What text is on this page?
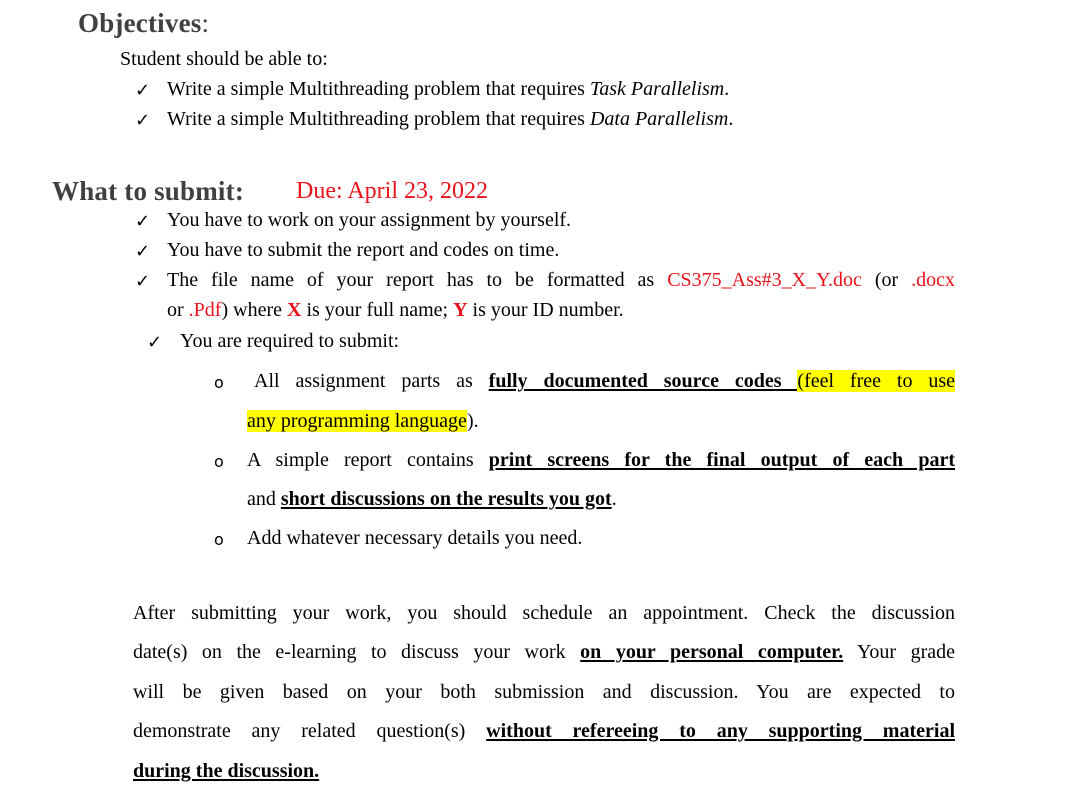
Objectives:
Student should be able to:
✓ Write a simple Multithreading problem that requires Task Parallelism.
✓ Write a simple Multithreading problem that requires Data Parallelism.
What to submit: Due: April 23, 2022
✓ You have to work on your assignment by yourself.
✓ You have to submit the report and codes on time.
✓ The file name of your report has to be formatted as CS375_Ass#3_X_Y.doc (or .docx
or .Pdf) where X is your full name; Y is your ID number.
✓ You are required to submit:
o All assignment parts as fully documented source codes (feel free to use
any programming language).
o A simple report contains print screens for the final output of each part
and short discussions on the results you got.
o Add whatever necessary details you need.
After submitting your work, you should schedule an appointment. Check the discussion
date(s) on the e-learning to discuss your work on your personal computer. Your grade
will be given based on your both submission and discussion. You are expected to
demonstrate any related question(s) without refereeing to any supporting material
during the discussion.
